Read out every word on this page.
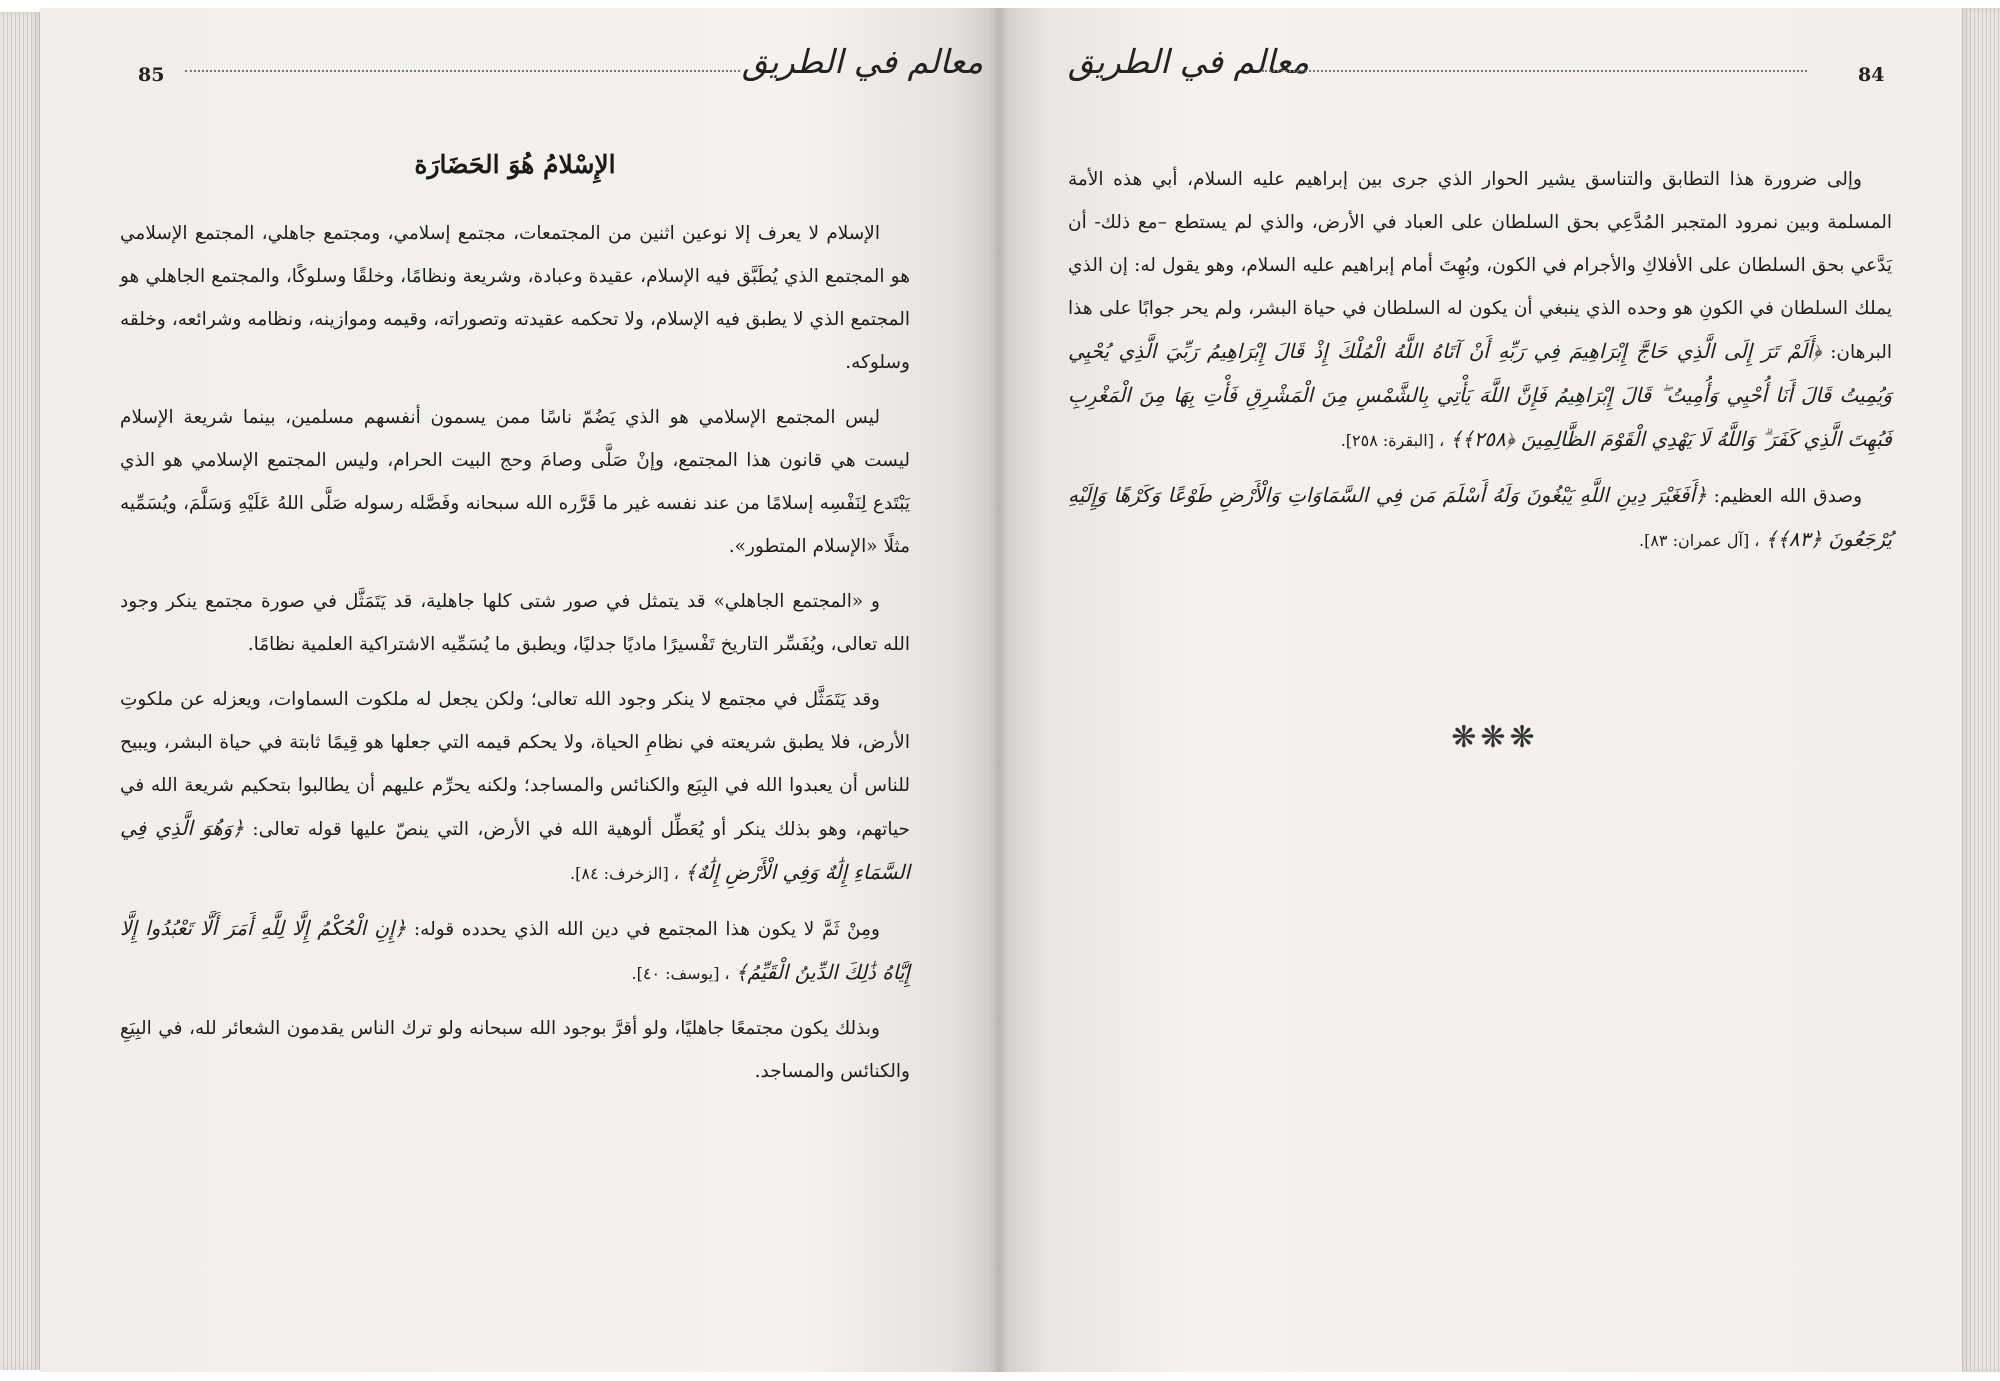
85	معالم في الطريق	معالم في الطريق	84
الإِسْلامُ هُوَ الحَضَارَة

الإسلام لا يعرف إلا نوعين اثنين من المجتمعات، مجتمع إسلامي، ومجتمع جاهلي، المجتمع الإسلامي هو المجتمع الذي يُطَبَّق فيه الإسلام، عقيدة وعبادة، وشريعة ونظامًا، وخلقًا وسلوكًا، والمجتمع الجاهلي هو المجتمع الذي لا يطبق فيه الإسلام، ولا تحكمه عقيدته وتصوراته، وقيمه وموازينه، ونظامه وشرائعه، وخلقه وسلوكه.

ليس المجتمع الإسلامي هو الذي يَضُمّ ناسًا ممن يسمون أنفسهم مسلمين، بينما شريعة الإسلام ليست هي قانون هذا المجتمع، وإنْ صَلَّى وصامَ وحج البيت الحرام، وليس المجتمع الإسلامي هو الذي يَبْتَدع لِنَفْسِه إسلامًا من عند نفسه غير ما قَرَّره الله سبحانه وفَصَّله رسوله صَلَّى اللهُ عَلَيْهِ وَسَلَّمَ، ويُسَمِّيه مثلًا «الإسلام المتطور».

و «المجتمع الجاهلي» قد يتمثل في صور شتى كلها جاهلية، قد يَتَمَثَّل في صورة مجتمع ينكر وجود الله تعالى، ويُفَسِّر التاريخ تَفْسيرًا ماديًا جدليًا، ويطبق ما يُسَمِّيه الاشتراكية العلمية نظامًا.

وقد يَتَمَثَّل في مجتمع لا ينكر وجود الله تعالى؛ ولكن يجعل له ملكوت السماوات، ويعزله عن ملكوتِ الأرض، فلا يطبق شريعته في نظامِ الحياة، ولا يحكم قيمه التي جعلها هو قِيمًا ثابتة في حياة البشر، ويبيح للناس أن يعبدوا الله في البِيَع والكنائس والمساجد؛ ولكنه يحرِّم عليهم أن يطالبوا بتحكيم شريعة الله في حياتهم، وهو بذلك ينكر أو يُعَطِّل ألوهية الله في الأرض، التي ينصّ عليها قوله تعالى: ﴿وَهُوَ الَّذِي فِي السَّمَاءِ إِلَٰهٌ وَفِي الْأَرْضِ إِلَٰهٌ﴾ ، [الزخرف: ٨٤].

ومِنْ ثَمَّ لا يكون هذا المجتمع في دين الله الذي يحدده قوله: ﴿إِنِ الْحُكْمُ إِلَّا لِلَّهِ أَمَرَ أَلَّا تَعْبُدُوا إِلَّا إِيَّاهُ ذَٰلِكَ الدِّينُ الْقَيِّمُ﴾ ، [يوسف: ٤٠].

وبذلك يكون مجتمعًا جاهليًا، ولو أقرَّ بوجود الله سبحانه ولو ترك الناس يقدمون الشعائر لله، في البِيَعِ والكنائس والمساجد.

وإلى ضرورة هذا التطابق والتناسق يشير الحوار الذي جرى بين إبراهيم عليه السلام، أبي هذه الأمة المسلمة وبين نمرود المتجبر المُدَّعِي بحق السلطان على العباد في الأرض، والذي لم يستطع –مع ذلك- أن يَدَّعي بحق السلطان على الأفلاكِ والأجرام في الكون، وبُهِتَ أمام إبراهيم عليه السلام، وهو يقول له: إن الذي يملك السلطان في الكونِ هو وحده الذي ينبغي أن يكون له السلطان في حياة البشر، ولم يحر جوابًا على هذا البرهان: ﴿أَلَمْ تَرَ إِلَى الَّذِي حَاجَّ إِبْرَاهِيمَ فِي رَبِّهِ أَنْ آتَاهُ اللَّهُ الْمُلْكَ إِذْ قَالَ إِبْرَاهِيمُ رَبِّيَ الَّذِي يُحْيِي وَيُمِيتُ قَالَ أَنَا أُحْيِي وَأُمِيتُ ۖ قَالَ إِبْرَاهِيمُ فَإِنَّ اللَّهَ يَأْتِي بِالشَّمْسِ مِنَ الْمَشْرِقِ فَأْتِ بِهَا مِنَ الْمَغْرِبِ فَبُهِتَ الَّذِي كَفَرَ ۗ وَاللَّهُ لَا يَهْدِي الْقَوْمَ الظَّالِمِينَ ﴿٢٥٨﴾﴾ ، [البقرة: ٢٥٨].

وصدق الله العظيم: ﴿أَفَغَيْرَ دِينِ اللَّهِ يَبْغُونَ وَلَهُ أَسْلَمَ مَن فِي السَّمَاوَاتِ وَالْأَرْضِ طَوْعًا وَكَرْهًا وَإِلَيْهِ يُرْجَعُونَ ﴿٨٣﴾﴾ ، [آل عمران: ٨٣].

❋❋❋
